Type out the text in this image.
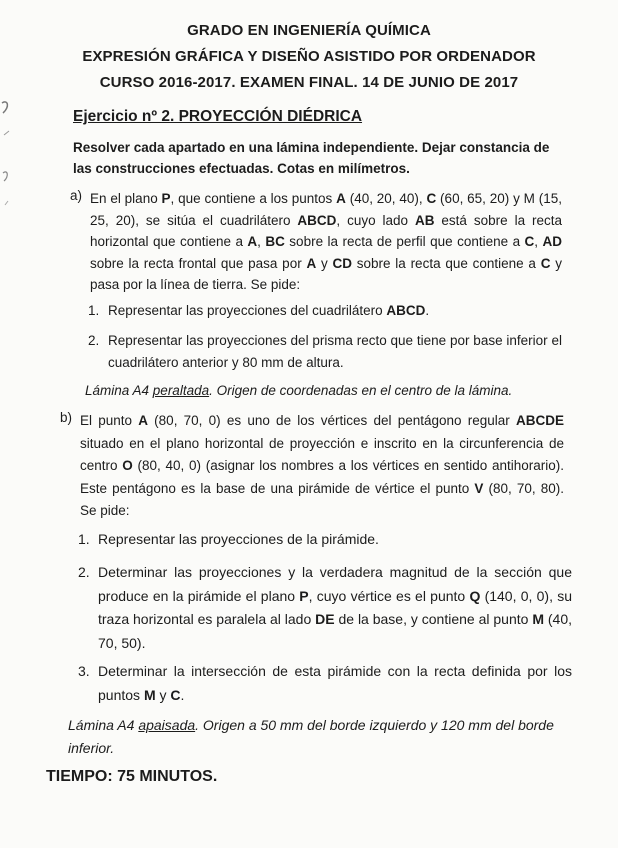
GRADO EN INGENIERÍA QUÍMICA
EXPRESIÓN GRÁFICA Y DISEÑO ASISTIDO POR ORDENADOR
CURSO 2016-2017. EXAMEN FINAL. 14 DE JUNIO DE 2017
Ejercicio nº 2. PROYECCIÓN DIÉDRICA
Resolver cada apartado en una lámina independiente. Dejar constancia de las construcciones efectuadas. Cotas en milímetros.
a) En el plano P, que contiene a los puntos A (40, 20, 40), C (60, 65, 20) y M (15, 25, 20), se sitúa el cuadrilátero ABCD, cuyo lado AB está sobre la recta horizontal que contiene a A, BC sobre la recta de perfil que contiene a C, AD sobre la recta frontal que pasa por A y CD sobre la recta que contiene a C y pasa por la línea de tierra. Se pide:
1. Representar las proyecciones del cuadrilátero ABCD.
2. Representar las proyecciones del prisma recto que tiene por base inferior el cuadrilátero anterior y 80 mm de altura.
Lámina A4 peraltada. Origen de coordenadas en el centro de la lámina.
b) El punto A (80, 70, 0) es uno de los vértices del pentágono regular ABCDE situado en el plano horizontal de proyección e inscrito en la circunferencia de centro O (80, 40, 0) (asignar los nombres a los vértices en sentido antihorario). Este pentágono es la base de una pirámide de vértice el punto V (80, 70, 80). Se pide:
1. Representar las proyecciones de la pirámide.
2. Determinar las proyecciones y la verdadera magnitud de la sección que produce en la pirámide el plano P, cuyo vértice es el punto Q (140, 0, 0), su traza horizontal es paralela al lado DE de la base, y contiene al punto M (40, 70, 50).
3. Determinar la intersección de esta pirámide con la recta definida por los puntos M y C.
Lámina A4 apaisada. Origen a 50 mm del borde izquierdo y 120 mm del borde inferior.
TIEMPO: 75 MINUTOS.
